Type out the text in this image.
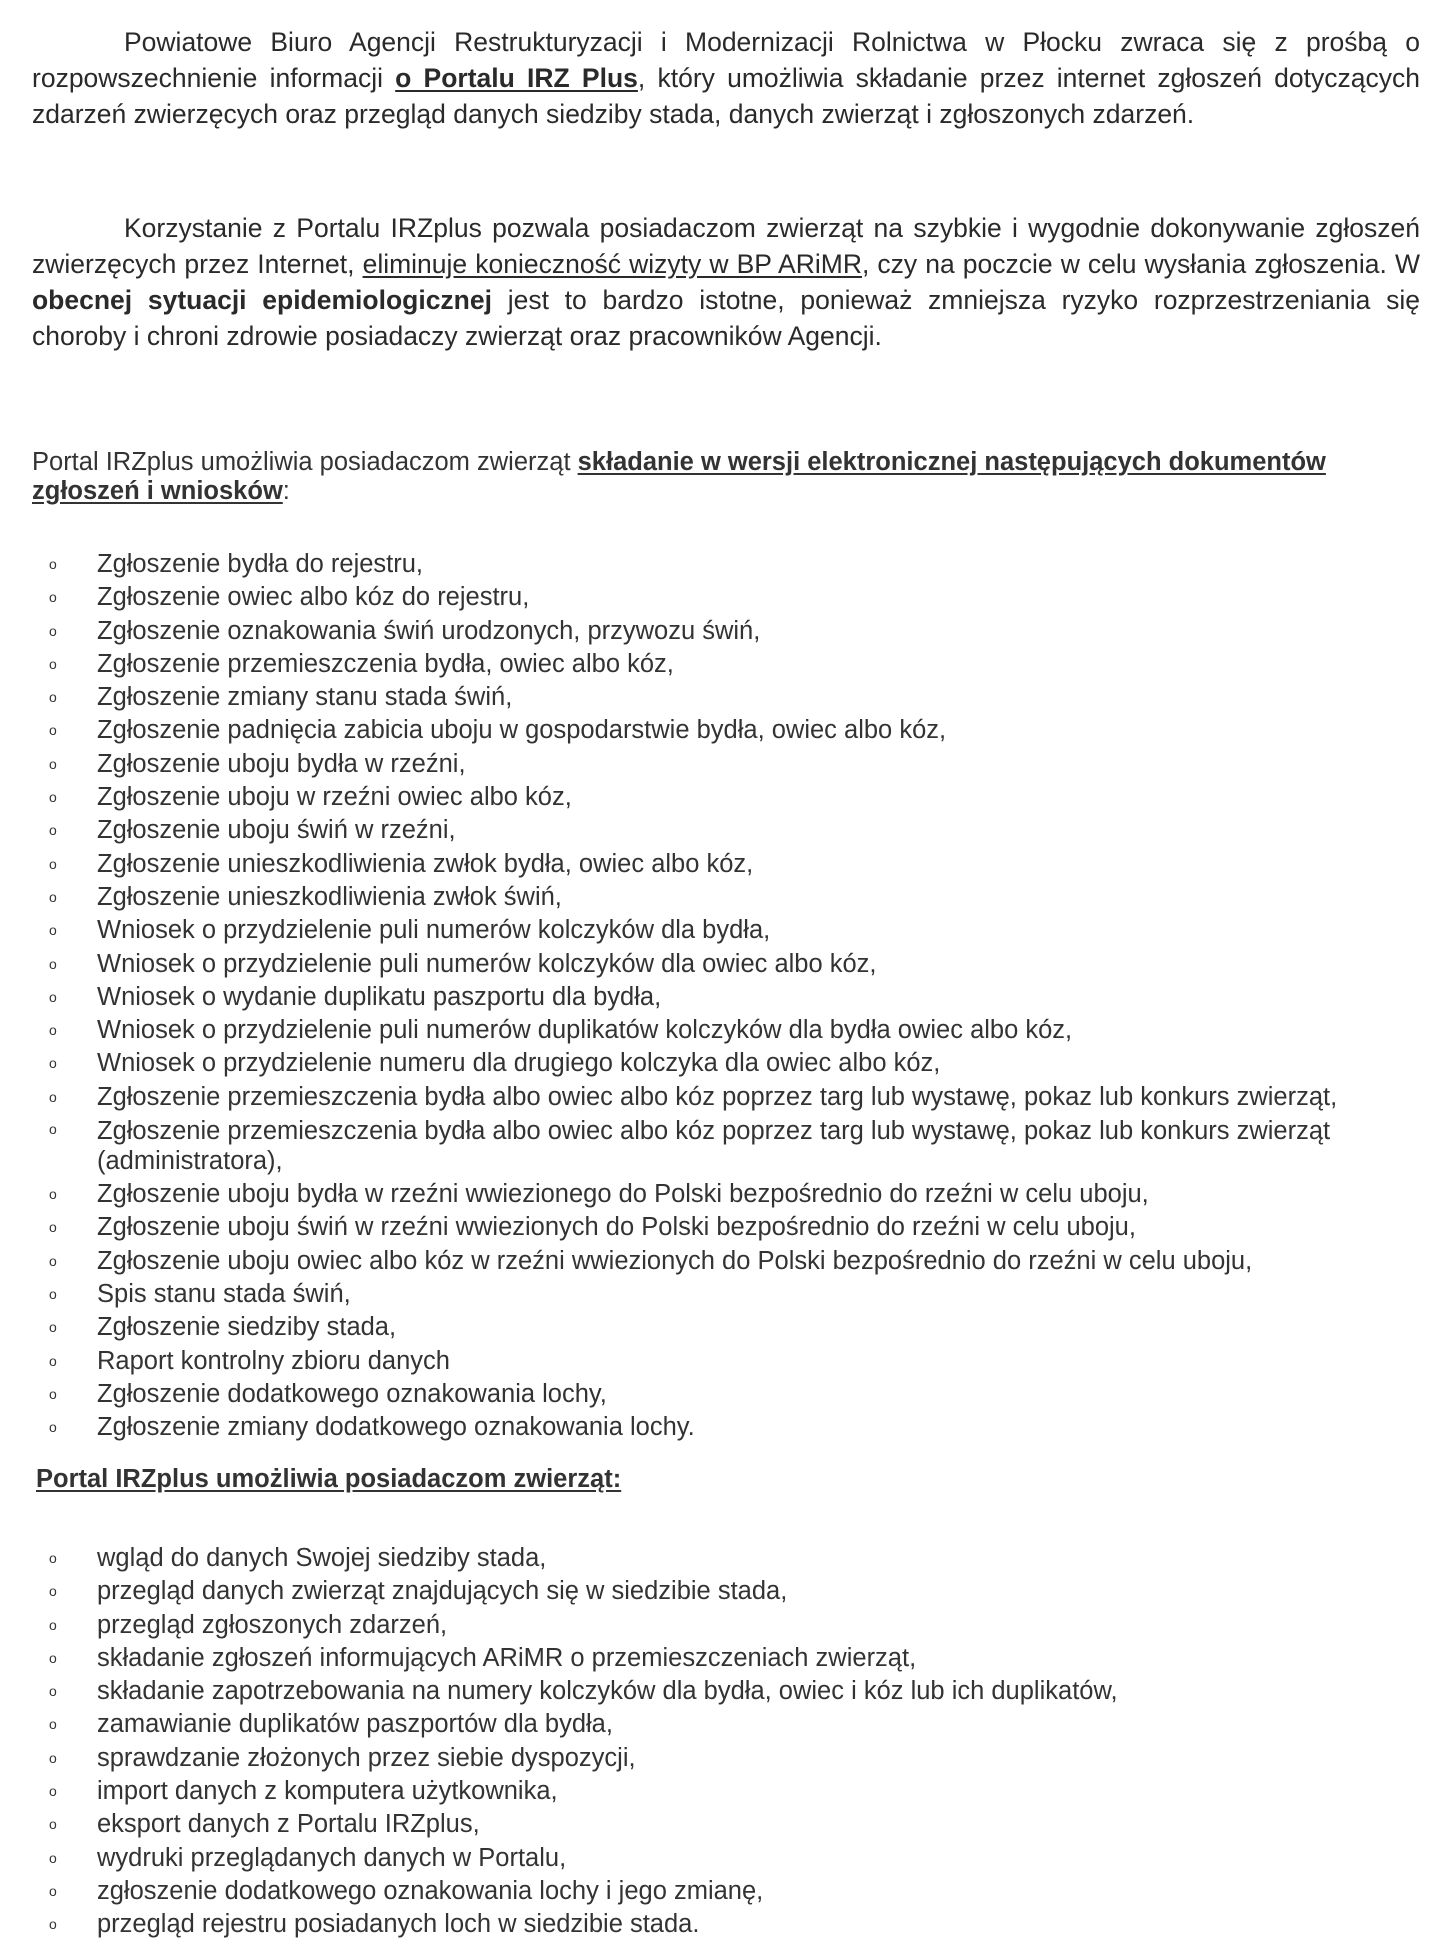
Powiatowe Biuro Agencji Restrukturyzacji i Modernizacji Rolnictwa w Płocku zwraca się z prośbą o rozpowszechnienie informacji o Portalu IRZ Plus, który umożliwia składanie przez internet zgłoszeń dotyczących zdarzeń zwierzęcych oraz przegląd danych siedziby stada, danych zwierząt i zgłoszonych zdarzeń.
Korzystanie z Portalu IRZplus pozwala posiadaczom zwierząt na szybkie i wygodnie dokonywanie zgłoszeń zwierzęcych przez Internet, eliminuje konieczność wizyty w BP ARiMR, czy na poczcie w celu wysłania zgłoszenia. W obecnej sytuacji epidemiologicznej jest to bardzo istotne, ponieważ zmniejsza ryzyko rozprzestrzeniania się choroby i chroni zdrowie posiadaczy zwierząt oraz pracowników Agencji.
Portal IRZplus umożliwia posiadaczom zwierząt składanie w wersji elektronicznej następujących dokumentów zgłoszeń i wniosków:
o Zgłoszenie bydła do rejestru,
o Zgłoszenie owiec albo kóz do rejestru,
o Zgłoszenie oznakowania świń urodzonych, przywozu świń,
o Zgłoszenie przemieszczenia bydła, owiec albo kóz,
o Zgłoszenie zmiany stanu stada świń,
o Zgłoszenie padnięcia zabicia uboju w gospodarstwie bydła, owiec albo kóz,
o Zgłoszenie uboju bydła w rzeźni,
o Zgłoszenie uboju w rzeźni owiec albo kóz,
o Zgłoszenie uboju świń w rzeźni,
o Zgłoszenie unieszkodliwienia zwłok bydła, owiec albo kóz,
o Zgłoszenie unieszkodliwienia zwłok świń,
o Wniosek o przydzielenie puli numerów kolczyków dla bydła,
o Wniosek o przydzielenie puli numerów kolczyków dla owiec albo kóz,
o Wniosek o wydanie duplikatu paszportu dla bydła,
o Wniosek o przydzielenie puli numerów duplikatów kolczyków dla bydła owiec albo kóz,
o Wniosek o przydzielenie numeru dla drugiego kolczyka dla owiec albo kóz,
o Zgłoszenie przemieszczenia bydła albo owiec albo kóz poprzez targ lub wystawę, pokaz lub konkurs zwierząt,
o Zgłoszenie przemieszczenia bydła albo owiec albo kóz poprzez targ lub wystawę, pokaz lub konkurs zwierząt (administratora),
o Zgłoszenie uboju bydła w rzeźni wwiezionego do Polski bezpośrednio do rzeźni w celu uboju,
o Zgłoszenie uboju świń w rzeźni wwiezionych do Polski bezpośrednio do rzeźni w celu uboju,
o Zgłoszenie uboju owiec albo kóz w rzeźni wwiezionych do Polski bezpośrednio do rzeźni w celu uboju,
o Spis stanu stada świń,
o Zgłoszenie siedziby stada,
o Raport kontrolny zbioru danych
o Zgłoszenie dodatkowego oznakowania lochy,
o Zgłoszenie zmiany dodatkowego oznakowania lochy.
Portal IRZplus umożliwia posiadaczom zwierząt:
o wgląd do danych Swojej siedziby stada,
o przegląd danych zwierząt znajdujących się w siedzibie stada,
o przegląd zgłoszonych zdarzeń,
o składanie zgłoszeń informujących ARiMR o przemieszczeniach zwierząt,
o składanie zapotrzebowania na numery kolczyków dla bydła, owiec i kóz lub ich duplikatów,
o zamawianie duplikatów paszportów dla bydła,
o sprawdzanie złożonych przez siebie dyspozycji,
o import danych z komputera użytkownika,
o eksport danych z Portalu IRZplus,
o wydruki przeglądanych danych w Portalu,
o zgłoszenie dodatkowego oznakowania lochy i jego zmianę,
o przegląd rejestru posiadanych loch w siedzibie stada.
